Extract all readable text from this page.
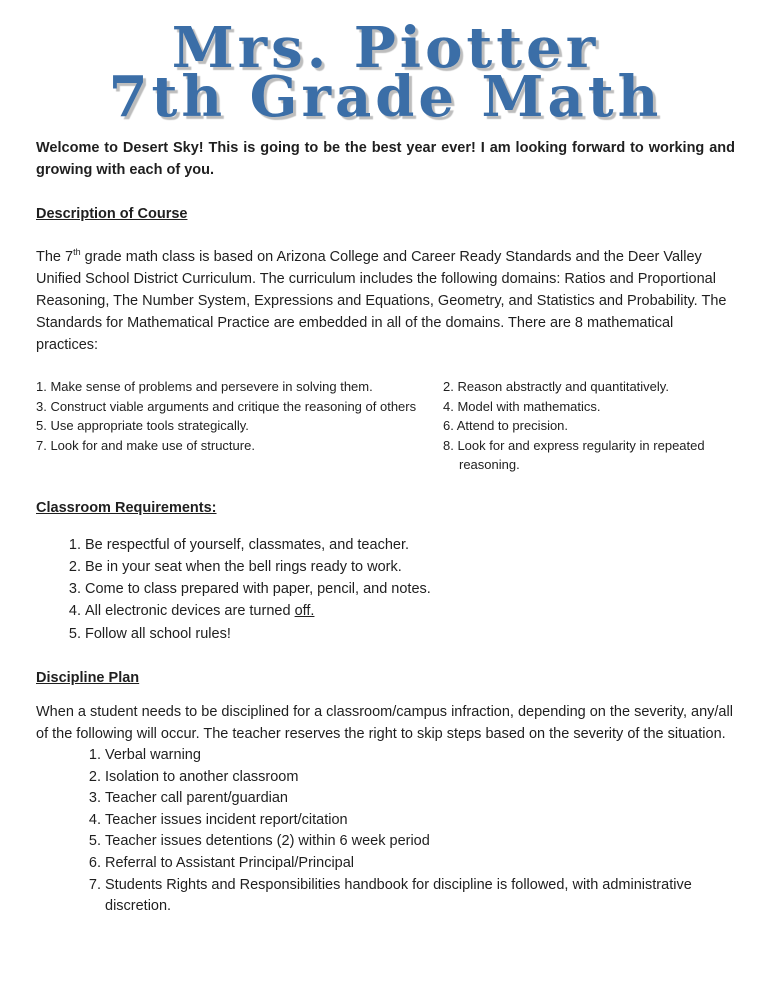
Mrs. Piotter
7th Grade Math

Welcome to Desert Sky! This is going to be the best year ever! I am looking forward to working and growing with each of you.

Description of Course

The 7th grade math class is based on Arizona College and Career Ready Standards and the Deer Valley Unified School District Curriculum. The curriculum includes the following domains: Ratios and Proportional Reasoning, The Number System, Expressions and Equations, Geometry, and Statistics and Probability. The Standards for Mathematical Practice are embedded in all of the domains. There are 8 mathematical practices:

1. Make sense of problems and persevere in solving them.
3. Construct viable arguments and critique the reasoning of others
5. Use appropriate tools strategically.
7. Look for and make use of structure.
2. Reason abstractly and quantitatively.
4. Model with mathematics.
6. Attend to precision.
8. Look for and express regularity in repeated reasoning.

Classroom Requirements:

1. Be respectful of yourself, classmates, and teacher.
2. Be in your seat when the bell rings ready to work.
3. Come to class prepared with paper, pencil, and notes.
4. All electronic devices are turned off.
5. Follow all school rules!

Discipline Plan

When a student needs to be disciplined for a classroom/campus infraction, depending on the severity, any/all of the following will occur. The teacher reserves the right to skip steps based on the severity of the situation.

1. Verbal warning
2. Isolation to another classroom
3. Teacher call parent/guardian
4. Teacher issues incident report/citation
5. Teacher issues detentions (2) within 6 week period
6. Referral to Assistant Principal/Principal
7. Students Rights and Responsibilities handbook for discipline is followed, with administrative discretion.
